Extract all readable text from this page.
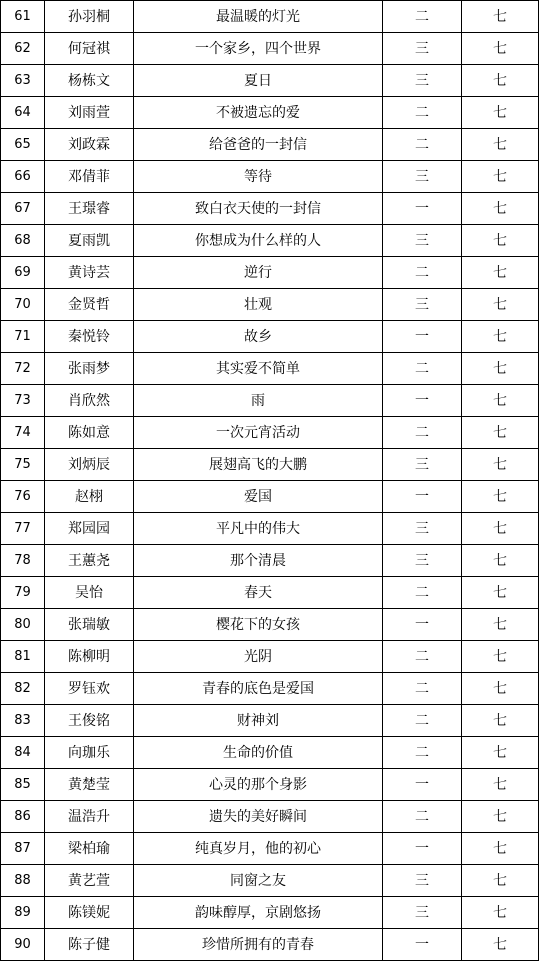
61	孙羽桐	最温暖的灯光	二	七
62	何冠祺	一个家乡，四个世界	三	七
63	杨栋文	夏日	三	七
64	刘雨萱	不被遗忘的爱	二	七
65	刘政霖	给爸爸的一封信	二	七
66	邓倩菲	等待	三	七
67	王璟睿	致白衣天使的一封信	一	七
68	夏雨凯	你想成为什么样的人	三	七
69	黄诗芸	逆行	二	七
70	金贤哲	壮观	三	七
71	秦悦铃	故乡	一	七
72	张雨梦	其实爱不简单	二	七
73	肖欣然	雨	一	七
74	陈如意	一次元宵活动	二	七
75	刘炳辰	展翅高飞的大鹏	三	七
76	赵栩	爱国	一	七
77	郑园园	平凡中的伟大	三	七
78	王蕙尧	那个清晨	三	七
79	吴怡	春天	二	七
80	张瑞敏	樱花下的女孩	一	七
81	陈柳明	光阴	二	七
82	罗钰欢	青春的底色是爱国	二	七
83	王俊铭	财神刘	二	七
84	向珈乐	生命的价值	二	七
85	黄楚莹	心灵的那个身影	一	七
86	温浩升	遗失的美好瞬间	二	七
87	梁柏瑜	纯真岁月，他的初心	一	七
88	黄艺萱	同窗之友	三	七
89	陈镁妮	韵味醇厚，京剧悠扬	三	七
90	陈子健	珍惜所拥有的青春	一	七
